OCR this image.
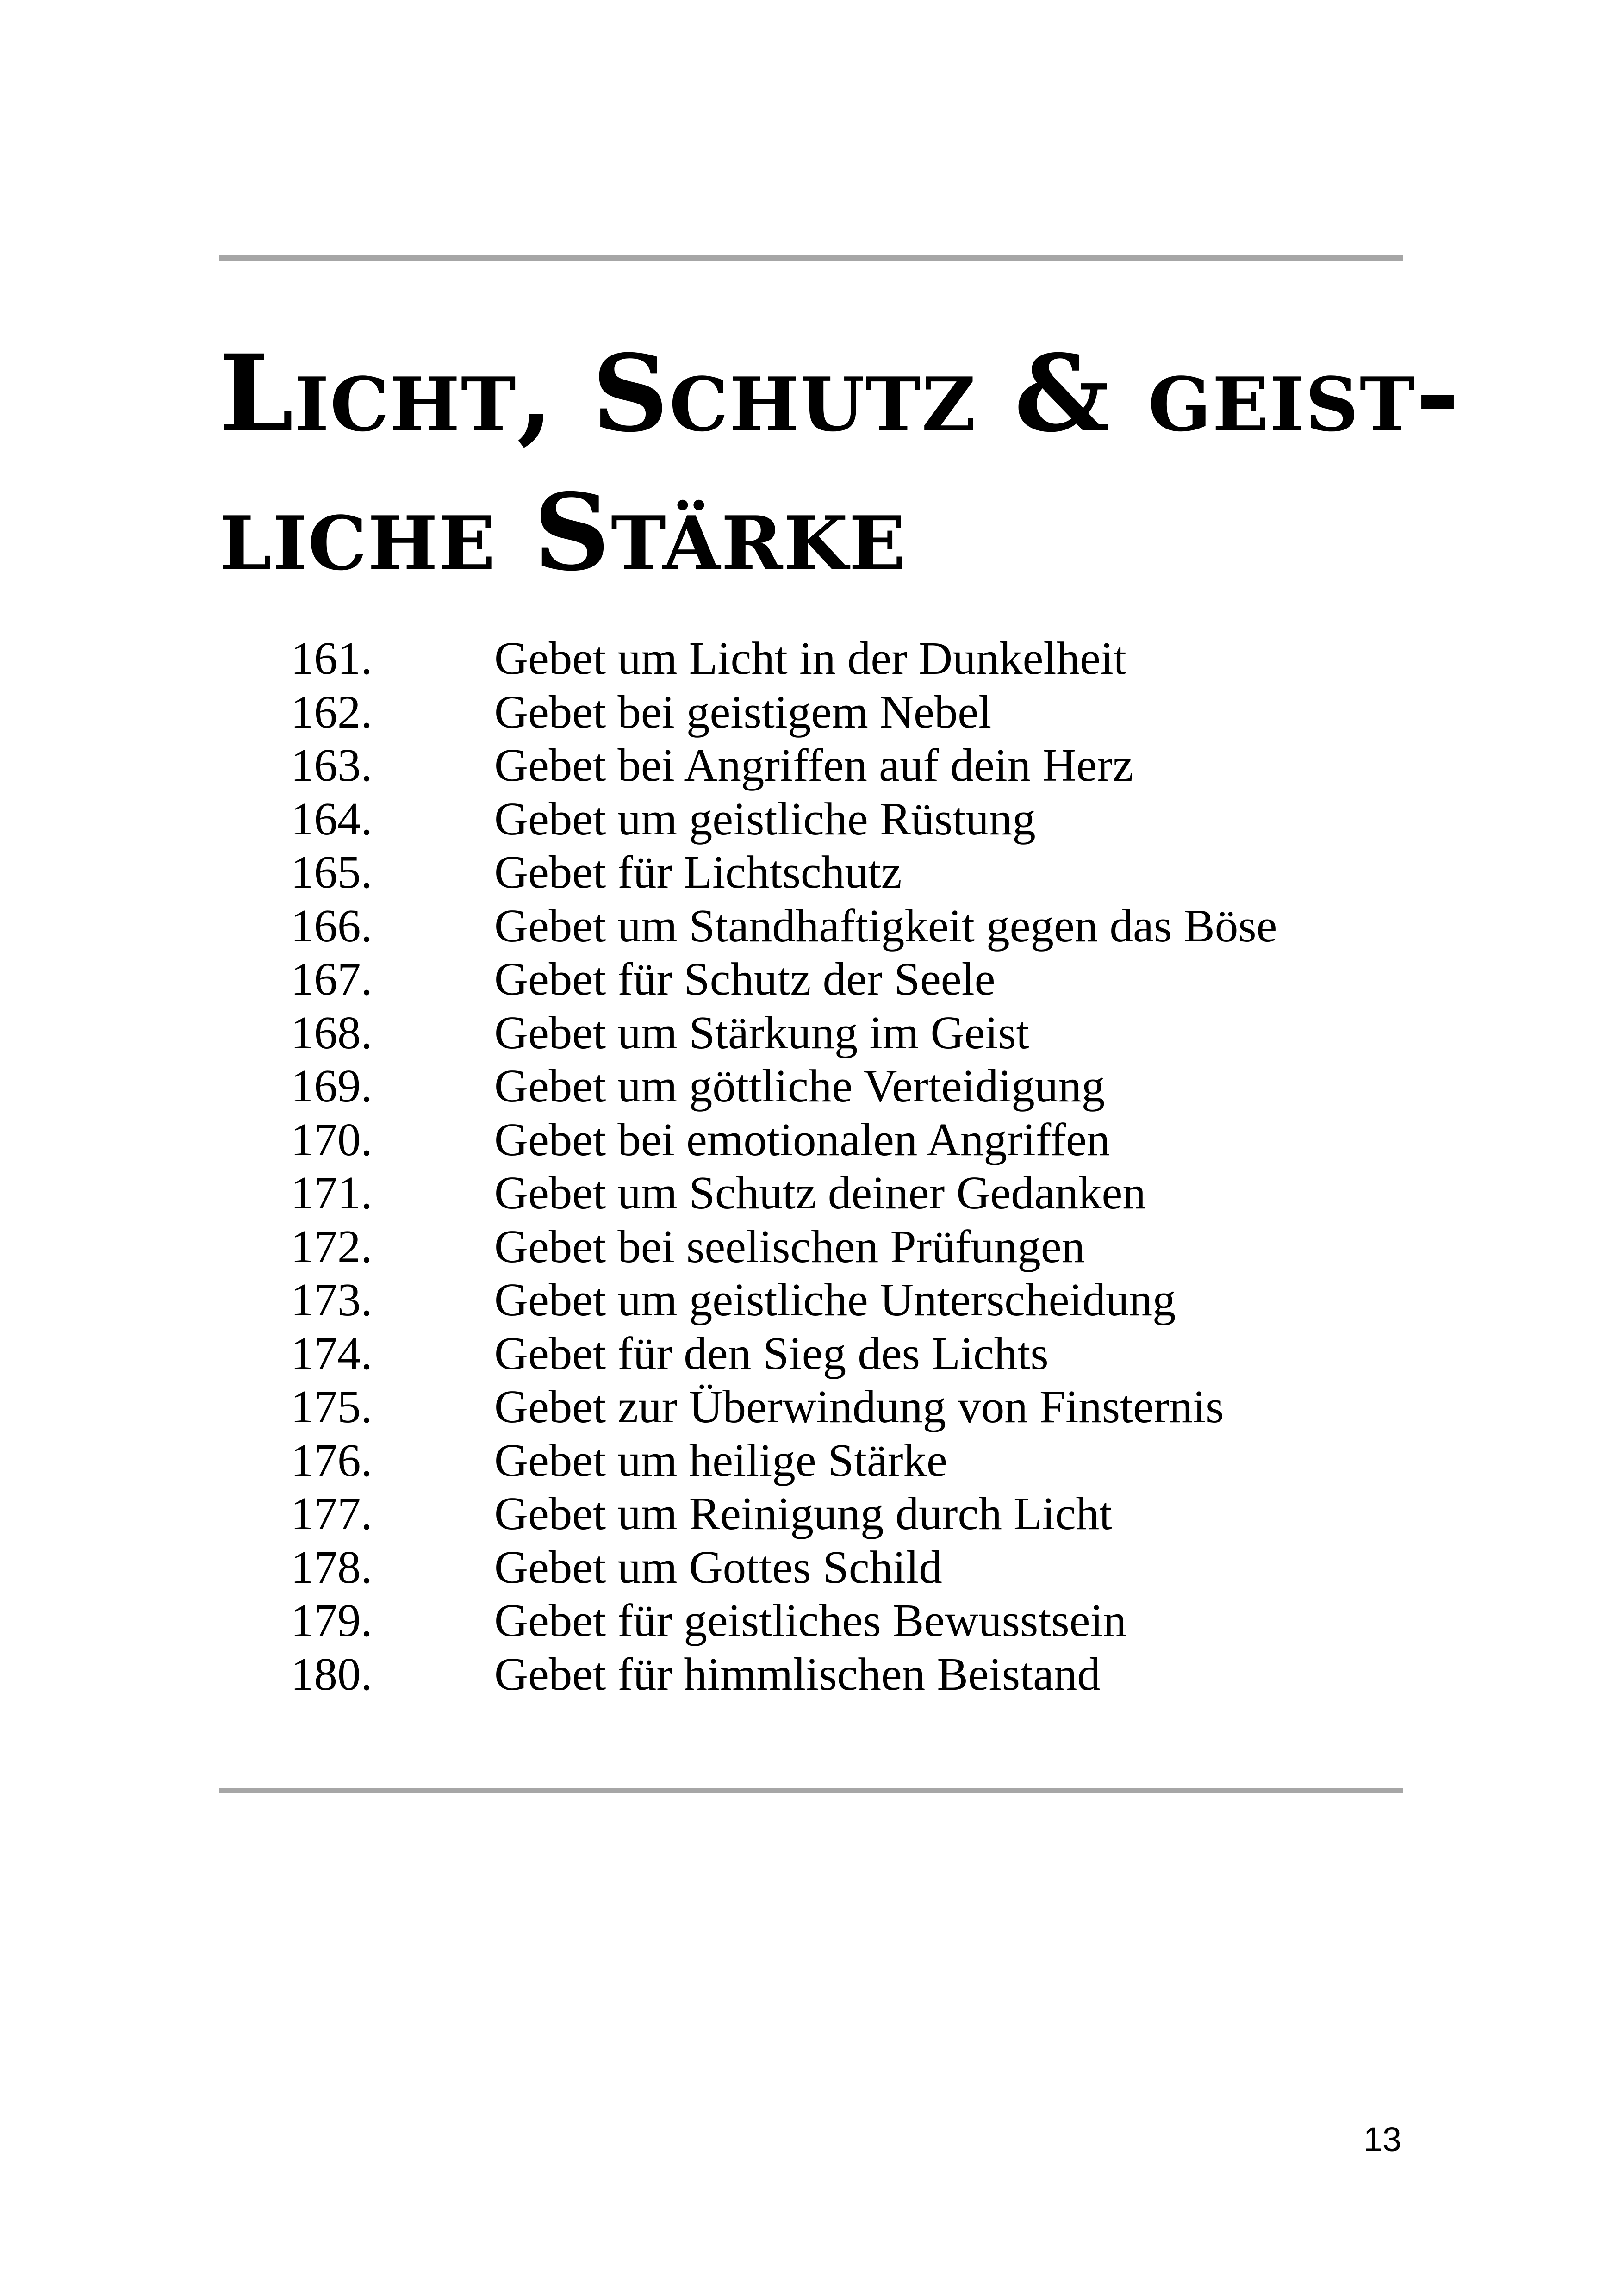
Licht, Schutz & geist-
liche Stärke
161.	Gebet um Licht in der Dunkelheit
162.	Gebet bei geistigem Nebel
163.	Gebet bei Angriffen auf dein Herz
164.	Gebet um geistliche Rüstung
165.	Gebet für Lichtschutz
166.	Gebet um Standhaftigkeit gegen das Böse
167.	Gebet für Schutz der Seele
168.	Gebet um Stärkung im Geist
169.	Gebet um göttliche Verteidigung
170.	Gebet bei emotionalen Angriffen
171.	Gebet um Schutz deiner Gedanken
172.	Gebet bei seelischen Prüfungen
173.	Gebet um geistliche Unterscheidung
174.	Gebet für den Sieg des Lichts
175.	Gebet zur Überwindung von Finsternis
176.	Gebet um heilige Stärke
177.	Gebet um Reinigung durch Licht
178.	Gebet um Gottes Schild
179.	Gebet für geistliches Bewusstsein
180.	Gebet für himmlischen Beistand
13
